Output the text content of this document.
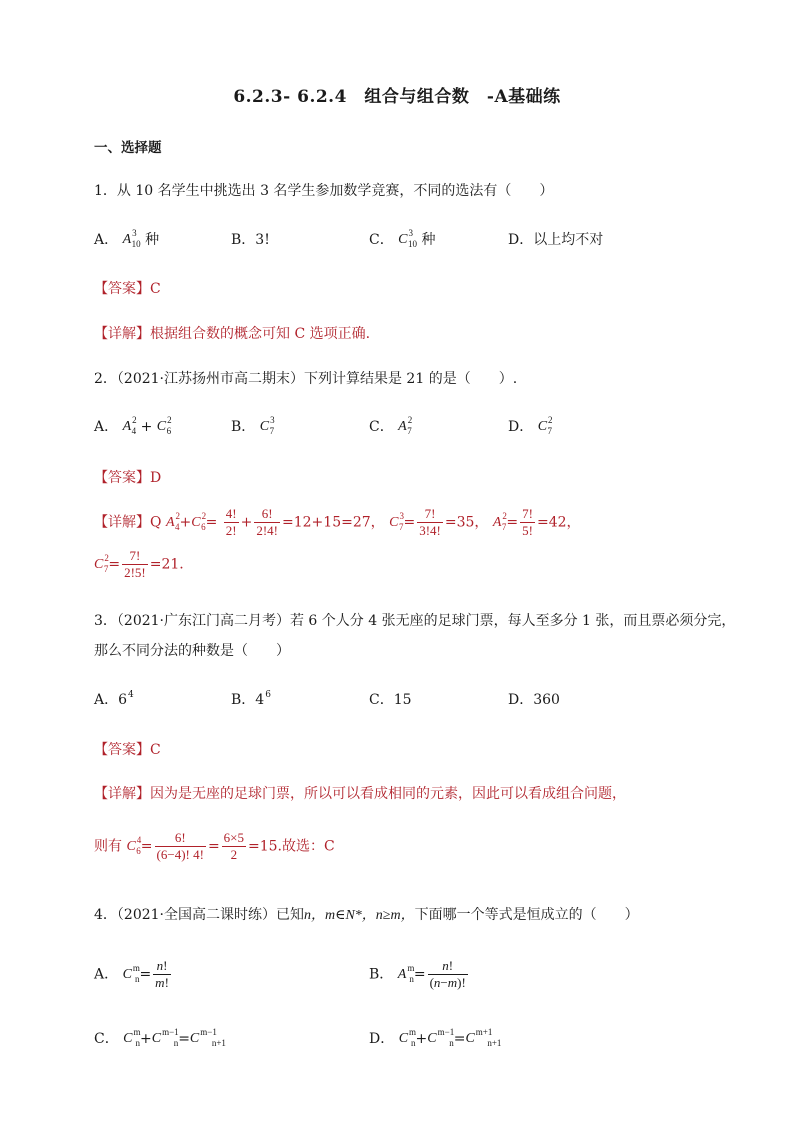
6.2.3- 6.2.4　组合与组合数　-A基础练
一、选择题
1．从 10 名学生中挑选出 3 名学生参加数学竞赛，不同的选法有（　　）
A． $A^3_{10}$ 种	B．3!	C． $C^3_{10}$ 种	D．以上均不对
【答案】C
【详解】根据组合数的概念可知 C 选项正确.
2．（2021·江苏扬州市高二期末）下列计算结果是 21 的是（　　）.
A． $A^2_4 + C^2_6$	B． $C^3_7$	C． $A^2_7$	D． $C^2_7$
【答案】D
【详解】Q $A^2_4+C^2_6= \frac{4!}{2!} + \frac{6!}{2!4!} =12+15=27$， $C^3_7= \frac{7!}{3!4!} =35$， $A^2_7= \frac{7!}{5!} =42$，
$C^2_7= \frac{7!}{2!5!} =21$.
3．（2021·广东江门高二月考）若 6 个人分 4 张无座的足球门票，每人至多分 1 张，而且票必须分完，
那么不同分法的种数是（　　）
A．$6^4$	B．$4^6$	C．15	D．360
【答案】C
【详解】因为是无座的足球门票，所以可以看成相同的元素，因此可以看成组合问题，
则有 $C^4_6= \frac{6!}{(6-4)! 4!} = \frac{6\times 5}{2} =15$.故选：C
4．（2021·全国高二课时练）已知n，m∈N*，n≥m，下面哪一个等式是恒成立的（　　）
A． $C^m_n= \frac{n!}{m!}$	B． $A^m_n= \frac{n!}{(n-m)!}$
C． $C^m_n+C^{m-1}_n=C^{m-1}_{n+1}$	D． $C^m_n+C^{m-1}_n=C^{m+1}_{n+1}$
